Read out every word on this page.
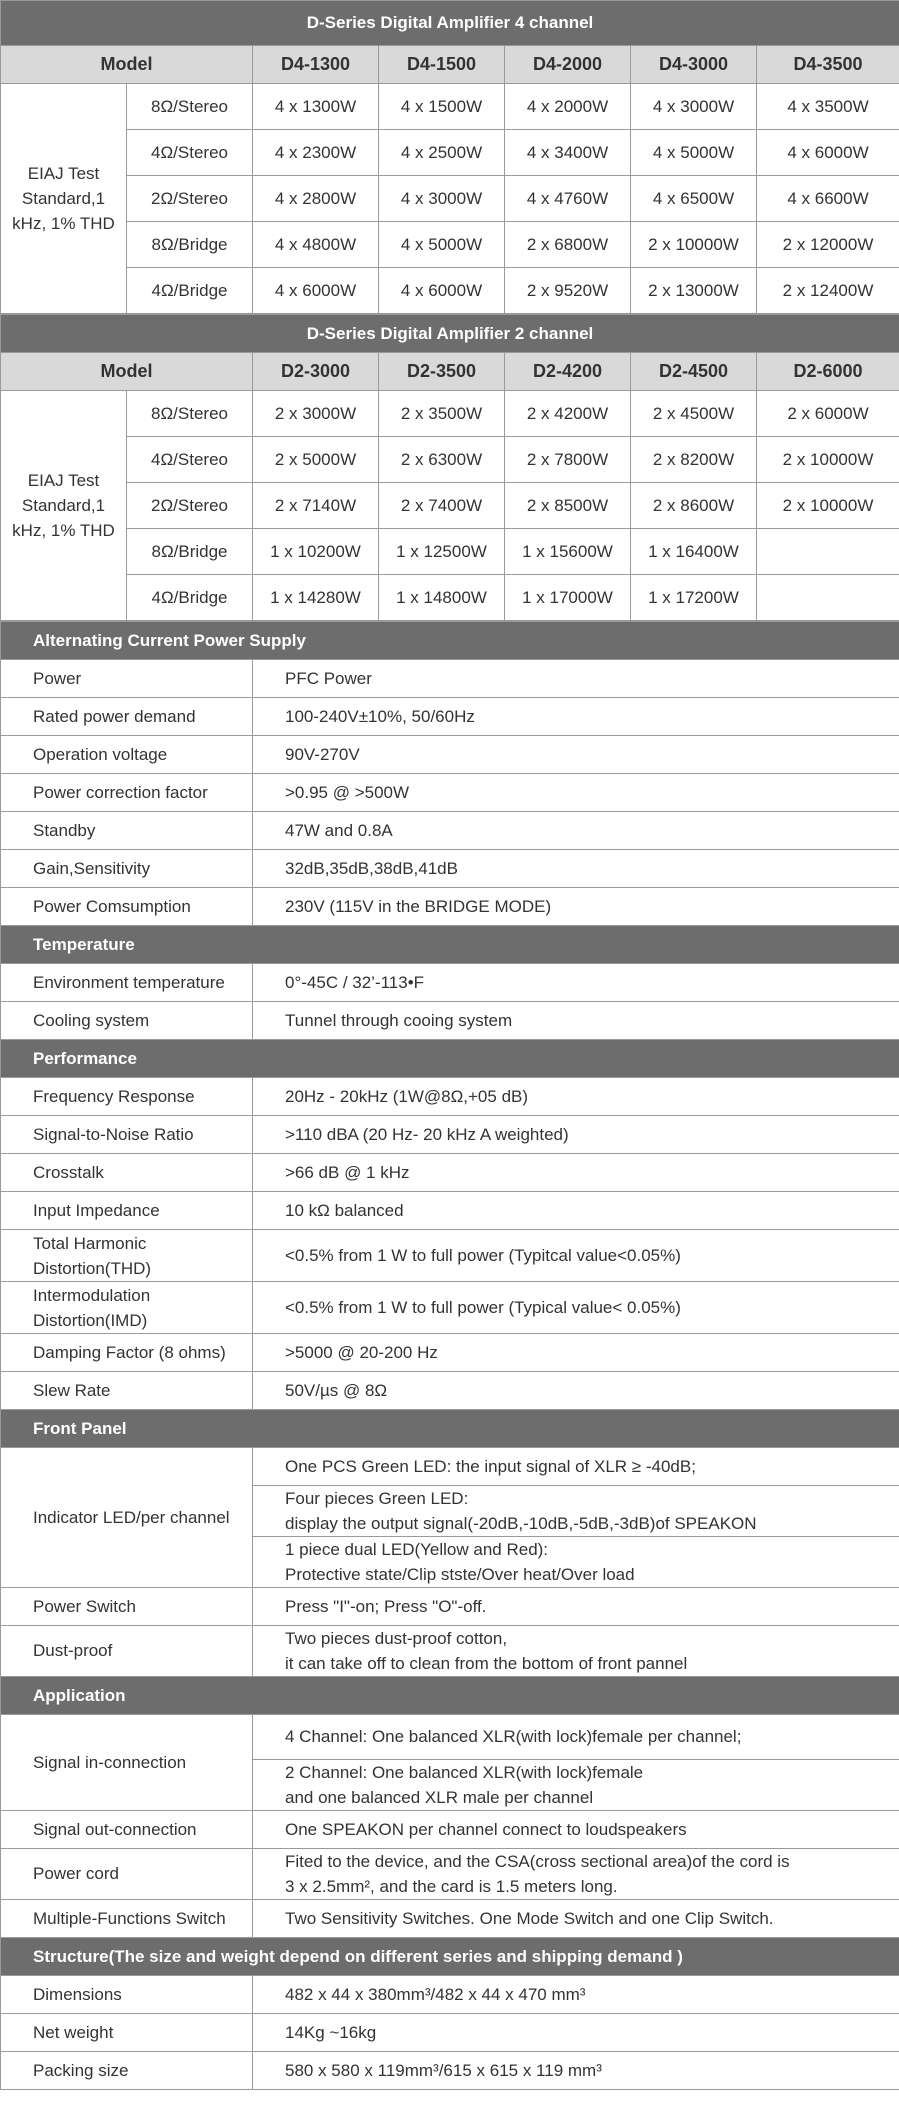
D-Series Digital Amplifier 4 channel						
Model		D4-1300	D4-1500	D4-2000	D4-3000	D4-3500
EIAJ Test
Standard,1
kHz, 1% THD	8Ω/Stereo	4 x 1300W	4 x 1500W	4 x 2000W	4 x 3000W	4 x 3500W
	4Ω/Stereo	4 x 2300W	4 x 2500W	4 x 3400W	4 x 5000W	4 x 6000W
	2Ω/Stereo	4 x 2800W	4 x 3000W	4 x 4760W	4 x 6500W	4 x 6600W
	8Ω/Bridge	4 x 4800W	4 x 5000W	2 x 6800W	2 x 10000W	2 x 12000W
	4Ω/Bridge	4 x 6000W	4 x 6000W	2 x 9520W	2 x 13000W	2 x 12400W
D-Series Digital Amplifier 2 channel						
Model		D2-3000	D2-3500	D2-4200	D2-4500	D2-6000
EIAJ Test
Standard,1
kHz, 1% THD	8Ω/Stereo	2 x 3000W	2 x 3500W	2 x 4200W	2 x 4500W	2 x 6000W
	4Ω/Stereo	2 x 5000W	2 x 6300W	2 x 7800W	2 x 8200W	2 x 10000W
	2Ω/Stereo	2 x 7140W	2 x 7400W	2 x 8500W	2 x 8600W	2 x 10000W
	8Ω/Bridge	1 x 10200W	1 x 12500W	1 x 15600W	1 x 16400W	
	4Ω/Bridge	1 x 14280W	1 x 14800W	1 x 17000W	1 x 17200W	
Alternating Current Power Supply	
Power	PFC Power
Rated power demand	100-240V±10%, 50/60Hz
Operation voltage	90V-270V
Power correction factor	>0.95 @ >500W
Standby	47W and 0.8A
Gain,Sensitivity	32dB,35dB,38dB,41dB
Power Comsumption	230V (115V in the BRIDGE MODE)
Temperature	
Environment temperature	0°-45C / 32’-113•F
Cooling system	Tunnel through cooing system
Performance	
Frequency Response	20Hz - 20kHz (1W@8Ω,+05 dB)
Signal-to-Noise Ratio	>110 dBA (20 Hz- 20 kHz A weighted)
Crosstalk	>66 dB @ 1 kHz
Input Impedance	10 kΩ balanced
Total Harmonic
Distortion(THD)	<0.5% from 1 W to full power (Typitcal value<0.05%)
Intermodulation
Distortion(IMD)	<0.5% from 1 W to full power (Typical value< 0.05%)
Damping Factor (8 ohms)	>5000 @ 20-200 Hz
Slew Rate	50V/µs @ 8Ω
Front Panel	
Indicator LED/per channel	One PCS Green LED: the input signal of XLR ≥ -40dB;
	Four pieces Green LED:
display the output signal(-20dB,-10dB,-5dB,-3dB)of SPEAKON
	1 piece dual LED(Yellow and Red):
Protective state/Clip stste/Over heat/Over load
Power Switch	Press "I"-on; Press "O"-off.
Dust-proof	Two pieces dust-proof cotton,
it can take off to clean from the bottom of front pannel
Application	
Signal in-connection	4 Channel: One balanced XLR(with lock)female per channel;
	2 Channel: One balanced XLR(with lock)female
and one balanced XLR male per channel
Signal out-connection	One SPEAKON per channel connect to loudspeakers
Power cord	Fited to the device, and the CSA(cross sectional area)of the cord is
3 x 2.5mm², and the card is 1.5 meters long.
Multiple-Functions Switch	Two Sensitivity Switches. One Mode Switch and one Clip Switch.
Structure(The size and weight depend on different series and shipping demand )	
Dimensions	482 x 44 x 380mm³/482 x 44 x 470 mm³
Net weight	14Kg ~16kg
Packing size	580 x 580 x 119mm³/615 x 615 x 119 mm³
